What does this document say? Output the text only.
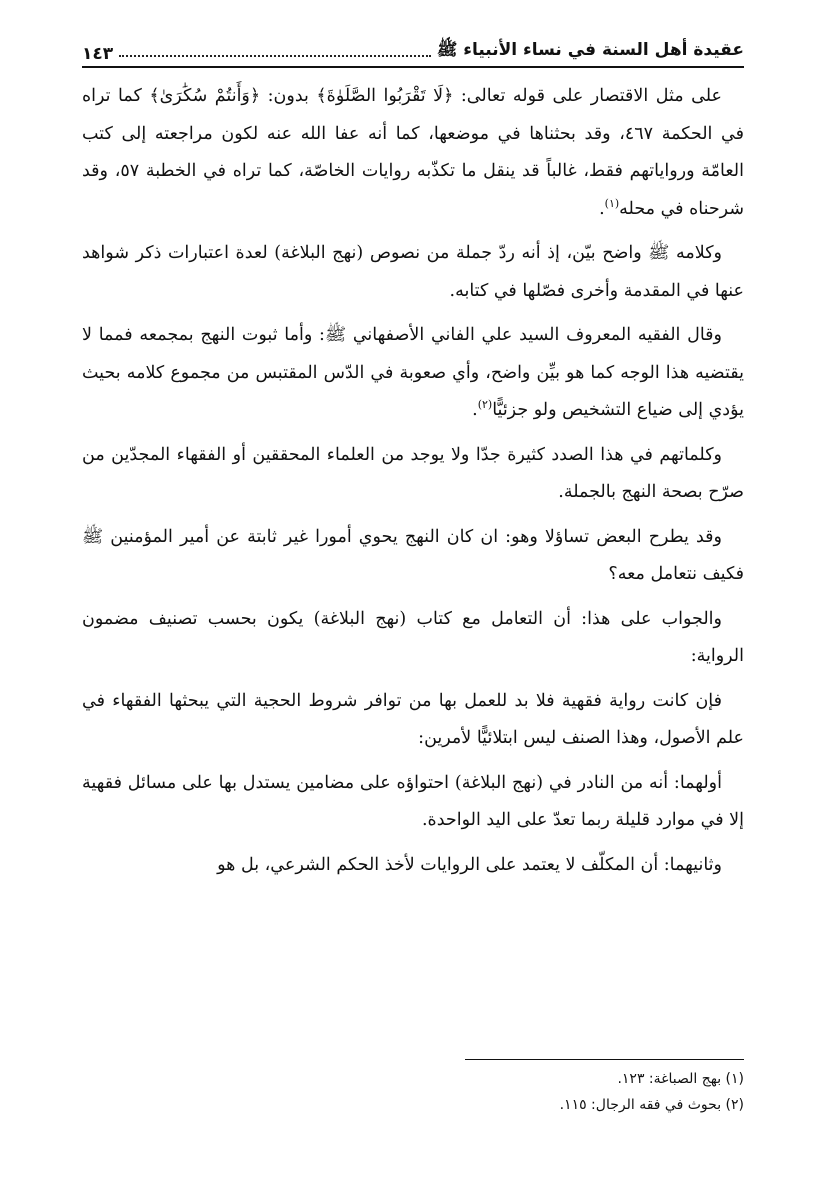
عقيدة أهل السنة في نساء الأنبياء ﷺ
١٤٣

على مثل الاقتصار على قوله تعالى: ﴿لَا تَقْرَبُوا الصَّلَوٰةَ﴾ بدون: ﴿وَأَنتُمْ سُكَٰرَىٰ﴾ كما تراه في الحكمة ٤٦٧، وقد بحثناها في موضعها، كما أنه عفا الله عنه لكون مراجعته إلى كتب العامّة ورواياتهم فقط، غالباً قد ينقل ما تكذّبه روايات الخاصّة، كما تراه في الخطبة ٥٧، وقد شرحناه في محله$^{(١)}$.

وكلامه ﷺ واضح بيّن، إذ أنه ردّ جملة من نصوص (نهج البلاغة) لعدة اعتبارات ذكر شواهد عنها في المقدمة وأخرى فصّلها في كتابه.

وقال الفقيه المعروف السيد علي الفاني الأصفهاني ﷺ: وأما ثبوت النهج بمجمعه فمما لا يقتضيه هذا الوجه كما هو بيِّن واضح، وأي صعوبة في الدّس المقتبس من مجموع كلامه بحيث يؤدي إلى ضياع التشخيص ولو جزئيًّا$^{(٢)}$.

وكلماتهم في هذا الصدد كثيرة جدّا ولا يوجد من العلماء المحققين أو الفقهاء المجدّين من صرّح بصحة النهج بالجملة.

وقد يطرح البعض تساؤلا وهو: ان كان النهج يحوي أمورا غير ثابتة عن أمير المؤمنين ﷺ فكيف نتعامل معه؟

والجواب على هذا: أن التعامل مع كتاب (نهج البلاغة) يكون بحسب تصنيف مضمون الرواية:

فإن كانت رواية فقهية فلا بد للعمل بها من توافر شروط الحجية التي يبحثها الفقهاء في علم الأصول، وهذا الصنف ليس ابتلائيًّا لأمرين:

أولهما: أنه من النادر في (نهج البلاغة) احتواؤه على مضامين يستدل بها على مسائل فقهية إلا في موارد قليلة ربما تعدّ على اليد الواحدة.

وثانيهما: أن المكلّف لا يعتمد على الروايات لأخذ الحكم الشرعي، بل هو

(١) بهج الصباغة: ١٢٣.

(٢) بحوث في فقه الرجال: ١١٥.
